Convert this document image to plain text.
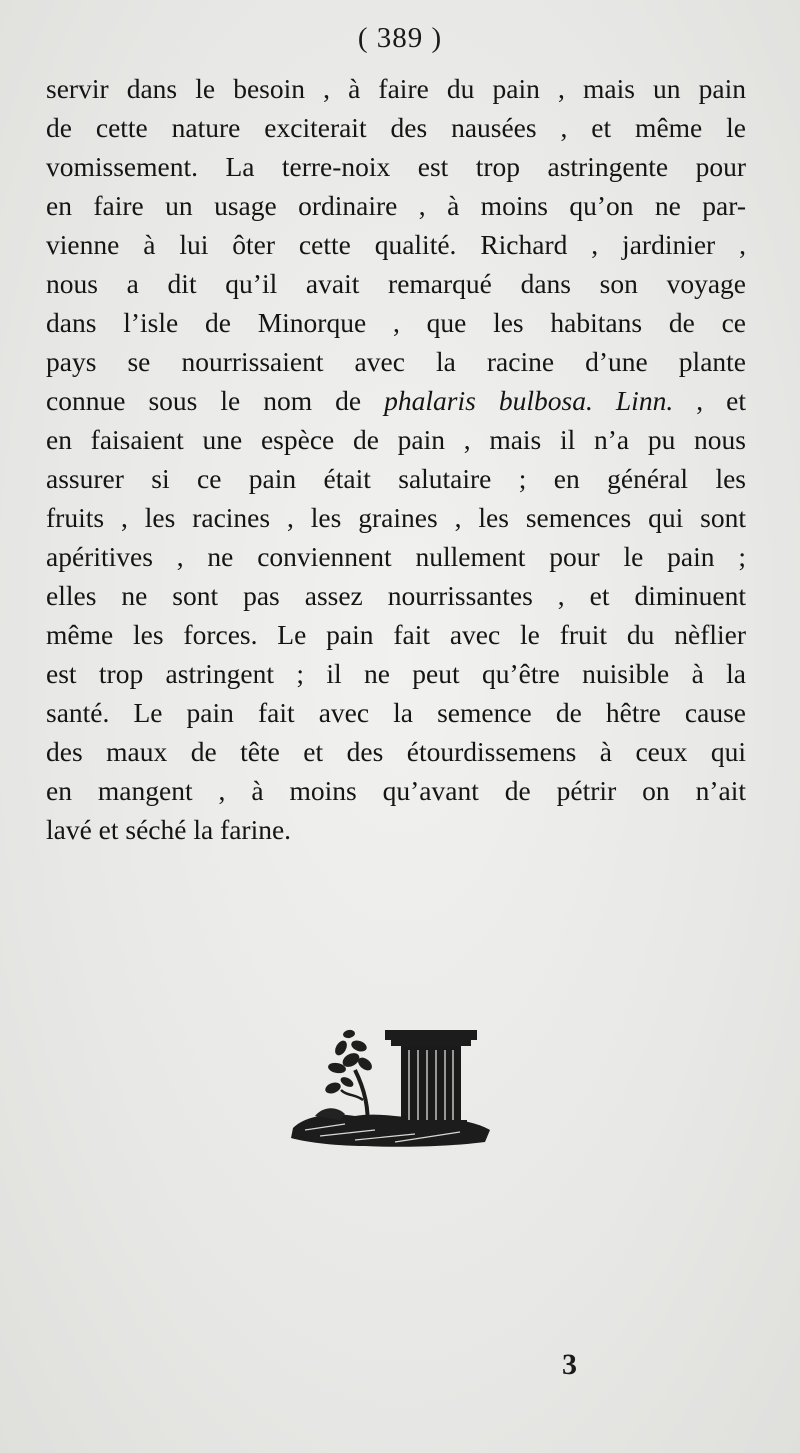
( 389 )
servir dans le besoin , à faire du pain , mais un pain
de cette nature exciterait des nausées , et même le
vomissement. La terre-noix est trop astringente pour
en faire un usage ordinaire , à moins qu’on ne par-
vienne à lui ôter cette qualité. Richard , jardinier ,
nous a dit qu’il avait remarqué dans son voyage
dans l’isle de Minorque , que les habitans de ce
pays se nourrissaient avec la racine d’une plante
connue sous le nom de phalaris bulbosa. Linn. , et
en faisaient une espèce de pain , mais il n’a pu nous
assurer si ce pain était salutaire ; en général les
fruits , les racines , les graines , les semences qui sont
apéritives , ne conviennent nullement pour le pain ;
elles ne sont pas assez nourrissantes , et diminuent
même les forces. Le pain fait avec le fruit du nèflier
est trop astringent ; il ne peut qu’être nuisible à la
santé. Le pain fait avec la semence de hêtre cause
des maux de tête et des étourdissemens à ceux qui
en mangent , à moins qu’avant de pétrir on n’ait
lavé et séché la farine.
3
